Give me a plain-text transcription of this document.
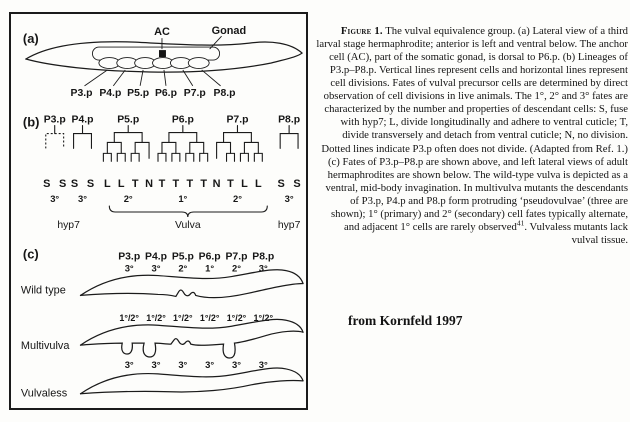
(a)	AC	Gonad
P3.p P4.p P5.p P6.p P7.p P8.p
(b) P3.p P4.p P5.p	P6.p	P7.p	P8.p
S S S S L L T N T T T T N T L L S S
3° 3°	2°	1°	2°	3°
hyp7	Vulva	hyp7
(c)	P3.p P4.p P5.p P6.p P7.p P8.p
3° 3° 2° 1° 2° 3°
Wild type
1°/2° 1°/2° 1°/2° 1°/2° 1°/2° 1°/2°
Multivulva
3° 3° 3° 3° 3° 3°
Vulvaless

Figure 1. The vulval equivalence group. (a) Lateral view of a third larval stage hermaphrodite; anterior is left and ventral below. The anchor cell (AC), part of the somatic gonad, is dorsal to P6.p. (b) Lineages of P3.p–P8.p. Vertical lines represent cells and horizontal lines represent cell divisions. Fates of vulval precursor cells are determined by direct observation of cell divisions in live animals. The 1°, 2° and 3° fates are characterized by the number and properties of descendant cells: S, fuse with hyp7; L, divide longitudinally and adhere to ventral cuticle; T, divide transversely and detach from ventral cuticle; N, no division. Dotted lines indicate P3.p often does not divide. (Adapted from Ref. 1.) (c) Fates of P3.p–P8.p are shown above, and left lateral views of adult hermaphrodites are shown below. The wild-type vulva is depicted as a ventral, mid-body invagination. In multivulva mutants the descendants of P3.p, P4.p and P8.p form protruding ‘pseudovulvae’ (three are shown); 1° (primary) and 2° (secondary) cell fates typically alternate, and adjacent 1° cells are rarely observed$^{41}$. Vulvaless mutants lack vulval tissue.

from Kornfeld 1997
